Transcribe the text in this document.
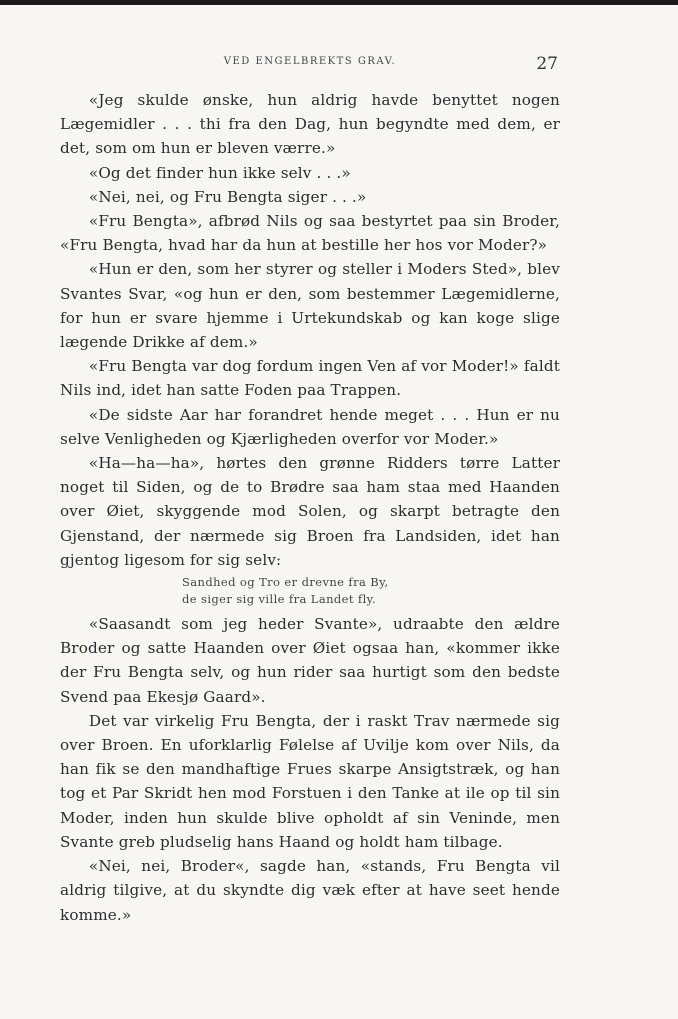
VED ENGELBREKTS GRAV.	27

«Jeg skulde ønske, hun aldrig havde benyttet nogen Lægemidler . . . thi fra den Dag, hun begyndte med dem, er det, som om hun er bleven værre.»

«Og det finder hun ikke selv . . .»

«Nei, nei, og Fru Bengta siger . . .»

«Fru Bengta», afbrød Nils og saa bestyrtet paa sin Broder, «Fru Bengta, hvad har da hun at bestille her hos vor Moder?»

«Hun er den, som her styrer og steller i Moders Sted», blev Svantes Svar, «og hun er den, som bestemmer Lægemidlerne, for hun er svare hjemme i Urtekundskab og kan koge slige lægende Drikke af dem.»

«Fru Bengta var dog fordum ingen Ven af vor Moder!» faldt Nils ind, idet han satte Foden paa Trappen.

«De sidste Aar har forandret hende meget . . . Hun er nu selve Venligheden og Kjærligheden overfor vor Moder.»

«Ha—ha—ha», hørtes den grønne Ridders tørre Latter noget til Siden, og de to Brødre saa ham staa med Haanden over Øiet, skyggende mod Solen, og skarpt betragte den Gjenstand, der nærmede sig Broen fra Landsiden, idet han gjentog ligesom for sig selv:

Sandhed og Tro er drevne fra By,
de siger sig ville fra Landet fly.

«Saasandt som jeg heder Svante», udraabte den ældre Broder og satte Haanden over Øiet ogsaa han, «kommer ikke der Fru Bengta selv, og hun rider saa hurtigt som den bedste Svend paa Ekesjø Gaard».

Det var virkelig Fru Bengta, der i raskt Trav nærmede sig over Broen. En uforklarlig Følelse af Uvilje kom over Nils, da han fik se den mandhaftige Frues skarpe Ansigtstræk, og han tog et Par Skridt hen mod Forstuen i den Tanke at ile op til sin Moder, inden hun skulde blive opholdt af sin Veninde, men Svante greb pludselig hans Haand og holdt ham tilbage.

«Nei, nei, Broder«, sagde han, «stands, Fru Bengta vil aldrig tilgive, at du skyndte dig væk efter at have seet hende komme.»
